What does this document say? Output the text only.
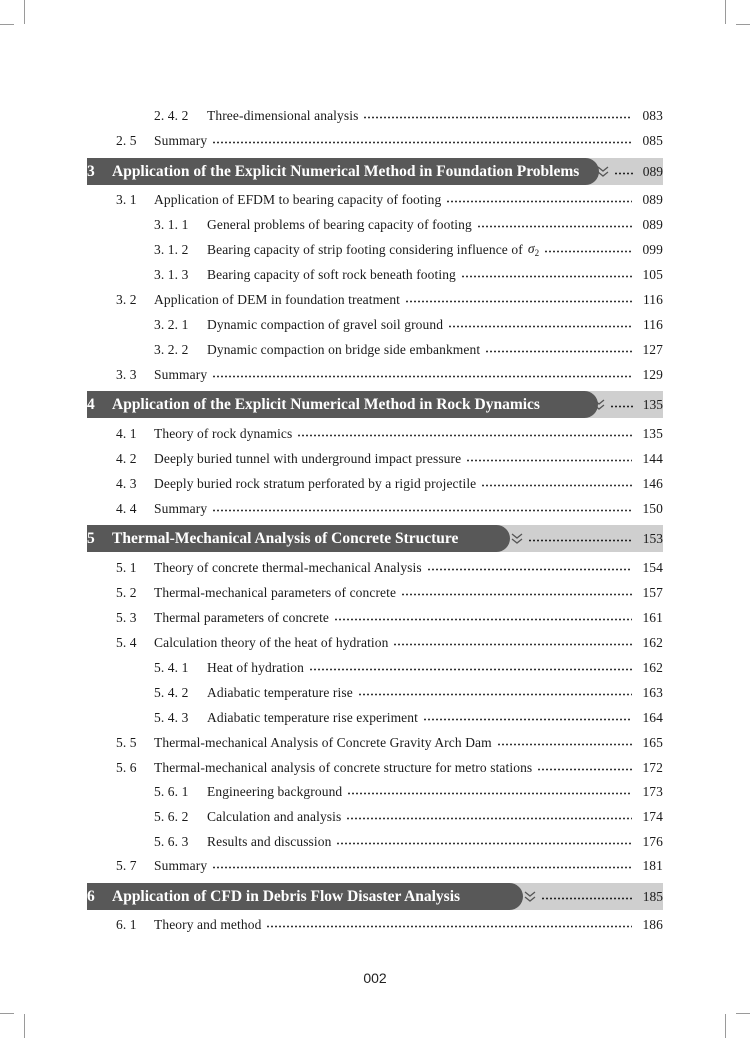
2. 4. 2	Three-dimensional analysis	083
2. 5	Summary	085
3 Application of the Explicit Numerical Method in Foundation Problems	089
3. 1	Application of EFDM to bearing capacity of footing	089
3. 1. 1	General problems of bearing capacity of footing	089
3. 1. 2	Bearing capacity of strip footing considering influence of $\sigma_2$	099
3. 1. 3	Bearing capacity of soft rock beneath footing	105
3. 2	Application of DEM in foundation treatment	116
3. 2. 1	Dynamic compaction of gravel soil ground	116
3. 2. 2	Dynamic compaction on bridge side embankment	127
3. 3	Summary	129
4 Application of the Explicit Numerical Method in Rock Dynamics	135
4. 1	Theory of rock dynamics	135
4. 2	Deeply buried tunnel with underground impact pressure	144
4. 3	Deeply buried rock stratum perforated by a rigid projectile	146
4. 4	Summary	150
5 Thermal-Mechanical Analysis of Concrete Structure	153
5. 1	Theory of concrete thermal-mechanical Analysis	154
5. 2	Thermal-mechanical parameters of concrete	157
5. 3	Thermal parameters of concrete	161
5. 4	Calculation theory of the heat of hydration	162
5. 4. 1	Heat of hydration	162
5. 4. 2	Adiabatic temperature rise	163
5. 4. 3	Adiabatic temperature rise experiment	164
5. 5	Thermal-mechanical Analysis of Concrete Gravity Arch Dam	165
5. 6	Thermal-mechanical analysis of concrete structure for metro stations	172
5. 6. 1	Engineering background	173
5. 6. 2	Calculation and analysis	174
5. 6. 3	Results and discussion	176
5. 7	Summary	181
6 Application of CFD in Debris Flow Disaster Analysis	185
6. 1	Theory and method	186
002
